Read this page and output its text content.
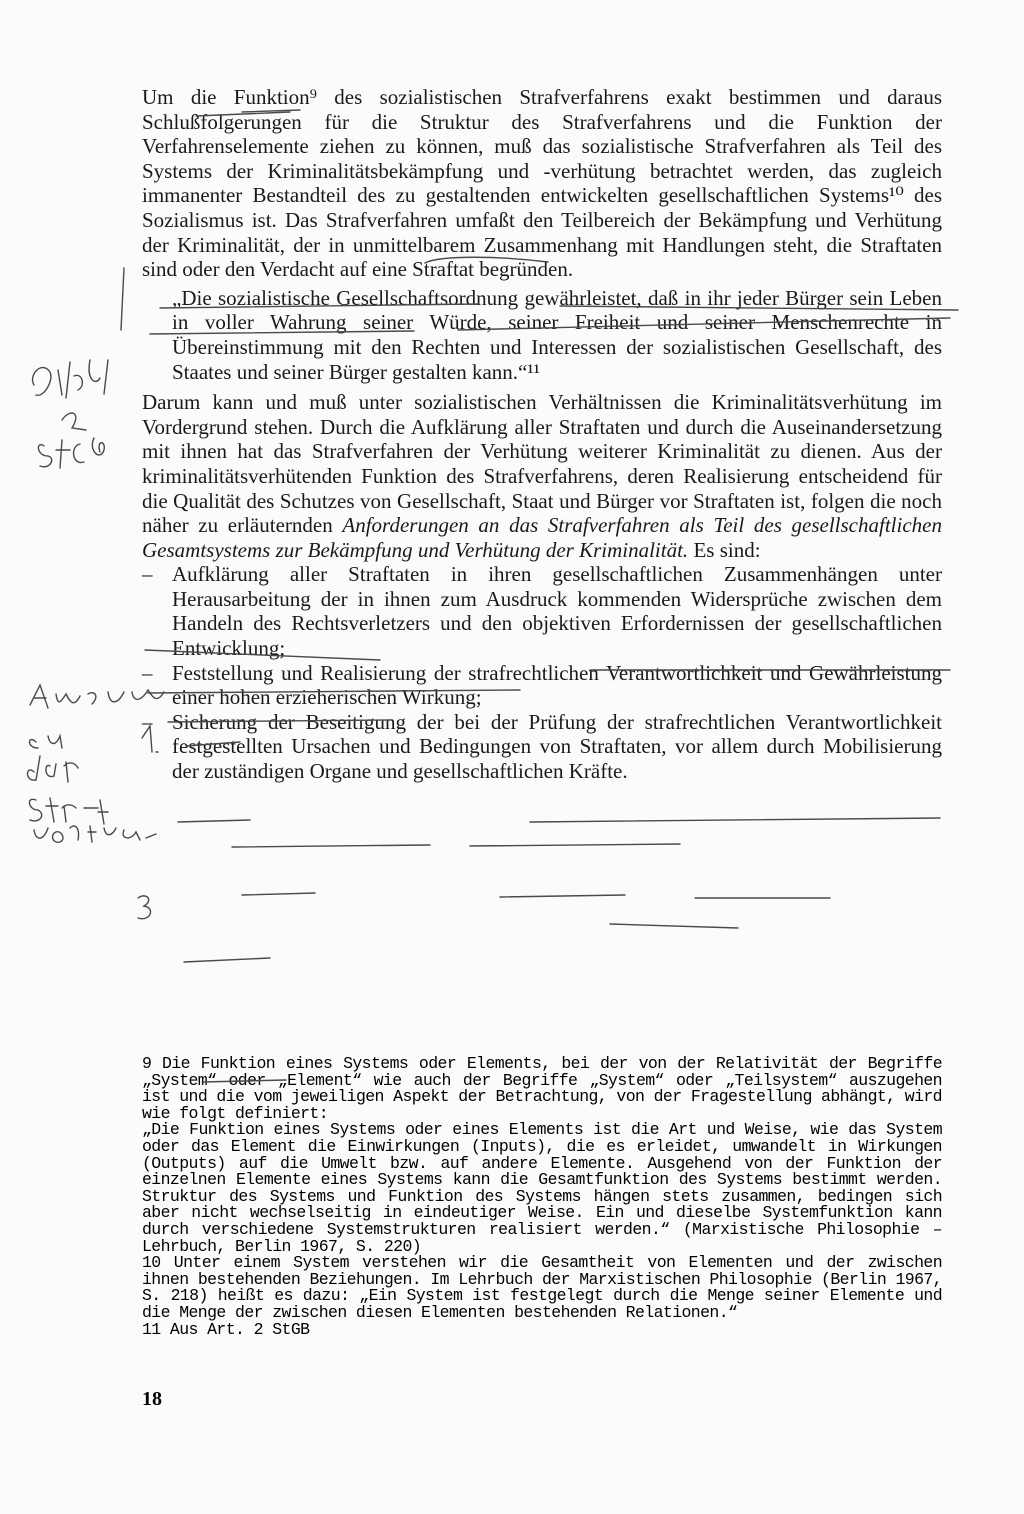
Um die Funktion⁹ des sozialistischen Strafverfahrens exakt bestimmen und daraus Schlußfolgerungen für die Struktur des Strafverfahrens und die Funktion der Verfahrenselemente ziehen zu können, muß das sozialistische Strafverfahren als Teil des Systems der Kriminalitätsbekämpfung und -verhütung betrachtet werden, das zugleich immanenter Bestandteil des zu gestaltenden entwickelten gesellschaftlichen Systems¹⁰ des Sozialismus ist. Das Strafverfahren umfaßt den Teilbereich der Bekämpfung und Verhütung der Kriminalität, der in unmittelbarem Zusammenhang mit Handlungen steht, die Straftaten sind oder den Verdacht auf eine Straftat begründen.

„Die sozialistische Gesellschaftsordnung gewährleistet, daß in ihr jeder Bürger sein Leben in voller Wahrung seiner Würde, seiner Freiheit und seiner Menschenrechte in Übereinstimmung mit den Rechten und Interessen der sozialistischen Gesellschaft, des Staates und seiner Bürger gestalten kann.“¹¹

Darum kann und muß unter sozialistischen Verhältnissen die Kriminalitätsverhütung im Vordergrund stehen. Durch die Aufklärung aller Straftaten und durch die Auseinandersetzung mit ihnen hat das Strafverfahren der Verhütung weiterer Kriminalität zu dienen. Aus der kriminalitätsverhütenden Funktion des Strafverfahrens, deren Realisierung entscheidend für die Qualität des Schutzes von Gesellschaft, Staat und Bürger vor Straftaten ist, folgen die noch näher zu erläuternden Anforderungen an das Strafverfahren als Teil des gesellschaftlichen Gesamtsystems zur Bekämpfung und Verhütung der Kriminalität. Es sind:

– Aufklärung aller Straftaten in ihren gesellschaftlichen Zusammenhängen unter Herausarbeitung der in ihnen zum Ausdruck kommenden Widersprüche zwischen dem Handeln des Rechtsverletzers und den objektiven Erfordernissen der gesellschaftlichen Entwicklung;
– Feststellung und Realisierung der strafrechtlichen Verantwortlichkeit und Gewährleistung einer hohen erzieherischen Wirkung;
– Sicherung der Beseitigung der bei der Prüfung der strafrechtlichen Verantwortlichkeit festgestellten Ursachen und Bedingungen von Straftaten, vor allem durch Mobilisierung der zuständigen Organe und gesellschaftlichen Kräfte.

9 Die Funktion eines Systems oder Elements, bei der von der Relativität der Begriffe „System“ oder „Element“ wie auch der Begriffe „System“ oder „Teilsystem“ auszugehen ist und die vom jeweiligen Aspekt der Betrachtung, von der Fragestellung abhängt, wird wie folgt definiert:

„Die Funktion eines Systems oder eines Elements ist die Art und Weise, wie das System oder das Element die Einwirkungen (Inputs), die es erleidet, umwandelt in Wirkungen (Outputs) auf die Umwelt bzw. auf andere Elemente. Ausgehend von der Funktion der einzelnen Elemente eines Systems kann die Gesamtfunktion des Systems bestimmt werden. Struktur des Systems und Funktion des Systems hängen stets zusammen, bedingen sich aber nicht wechselseitig in eindeutiger Weise. Ein und dieselbe Systemfunktion kann durch verschiedene Systemstrukturen realisiert werden.“ (Marxistische Philosophie – Lehrbuch, Berlin 1967, S. 220)

10 Unter einem System verstehen wir die Gesamtheit von Elementen und der zwischen ihnen bestehenden Beziehungen. Im Lehrbuch der Marxistischen Philosophie (Berlin 1967, S. 218) heißt es dazu: „Ein System ist festgelegt durch die Menge seiner Elemente und die Menge der zwischen diesen Elementen bestehenden Relationen.“

11 Aus Art. 2 StGB

18
